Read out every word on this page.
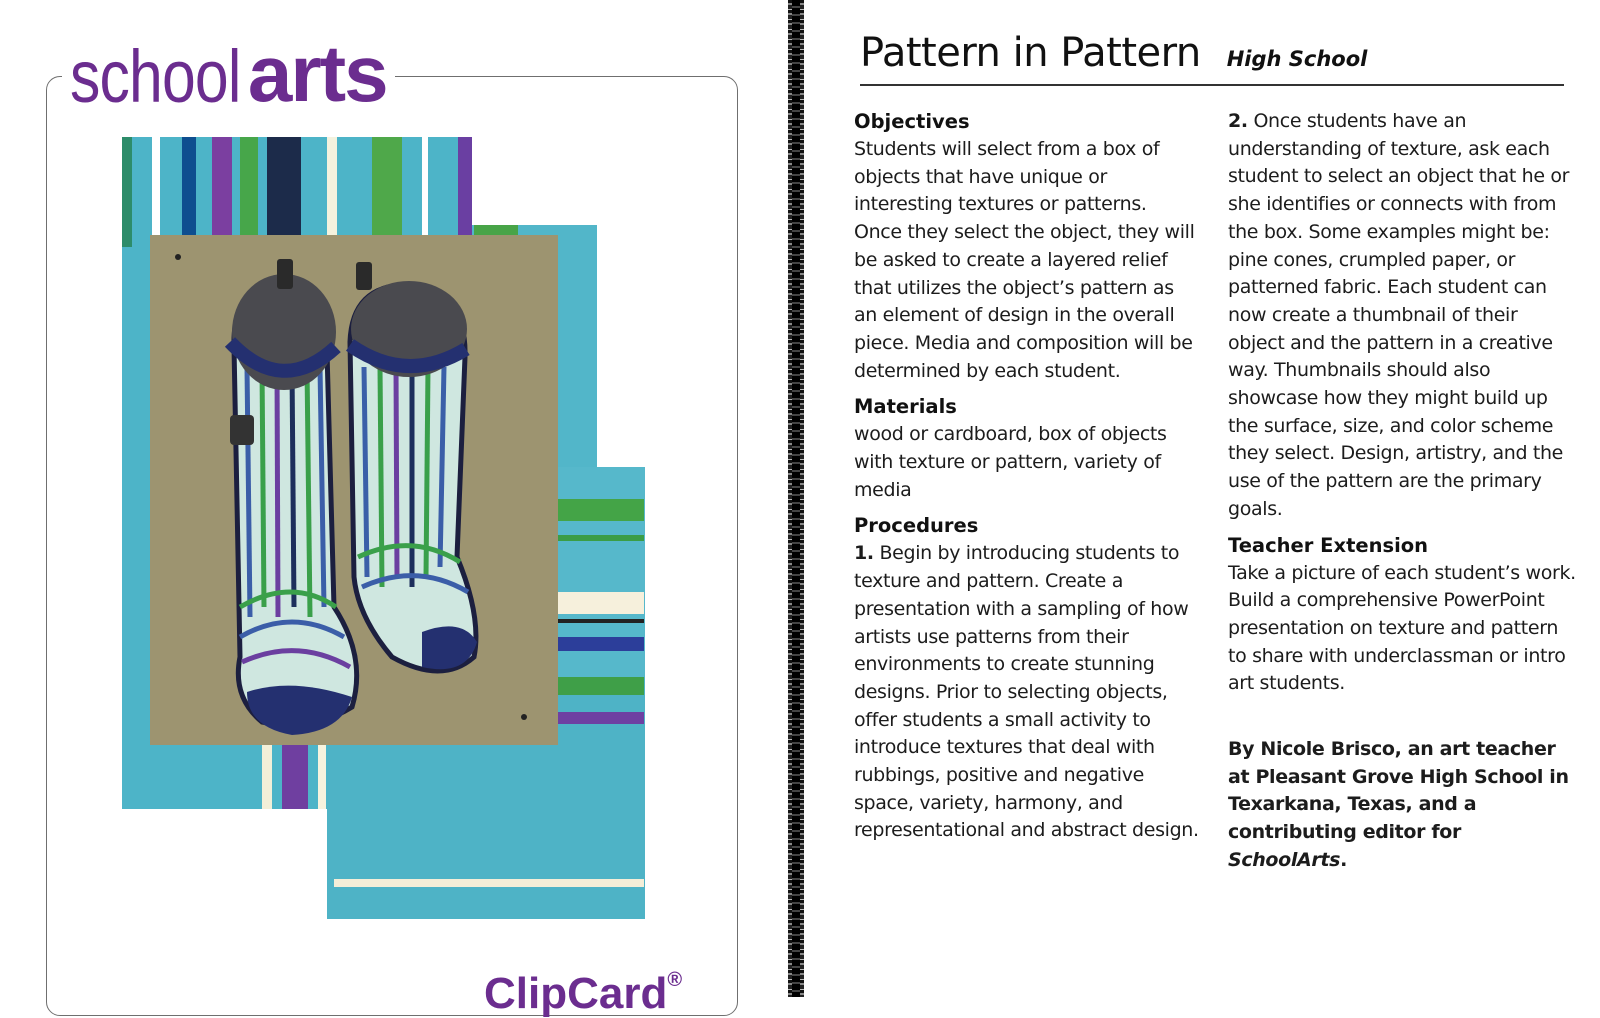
school arts
ClipCard®
Pattern in Pattern High School
Objectives

Students will select from a box of objects that have unique or interesting textures or patterns. Once they select the object, they will be asked to create a layered relief that utilizes the object’s pattern as an element of design in the overall piece. Media and composition will be determined by each student.

Materials

wood or cardboard, box of objects with texture or pattern, variety of media

Procedures

1. Begin by introducing students to texture and pattern. Create a presentation with a sampling of how artists use patterns from their environments to create stunning designs. Prior to selecting objects, offer students a small activity to introduce textures that deal with rubbings, positive and negative space, variety, harmony, and representational and abstract design.

2. Once students have an understanding of texture, ask each student to select an object that he or she identifies or connects with from the box. Some examples might be: pine cones, crumpled paper, or patterned fabric. Each student can now create a thumbnail of their object and the pattern in a creative way. Thumbnails should also showcase how they might build up the surface, size, and color scheme they select. Design, artistry, and the use of the pattern are the primary goals.

Teacher Extension

Take a picture of each student’s work. Build a comprehensive PowerPoint presentation on texture and pattern to share with underclassman or intro art students.

By Nicole Brisco, an art teacher at Pleasant Grove High School in Texarkana, Texas, and a contributing editor for SchoolArts.
